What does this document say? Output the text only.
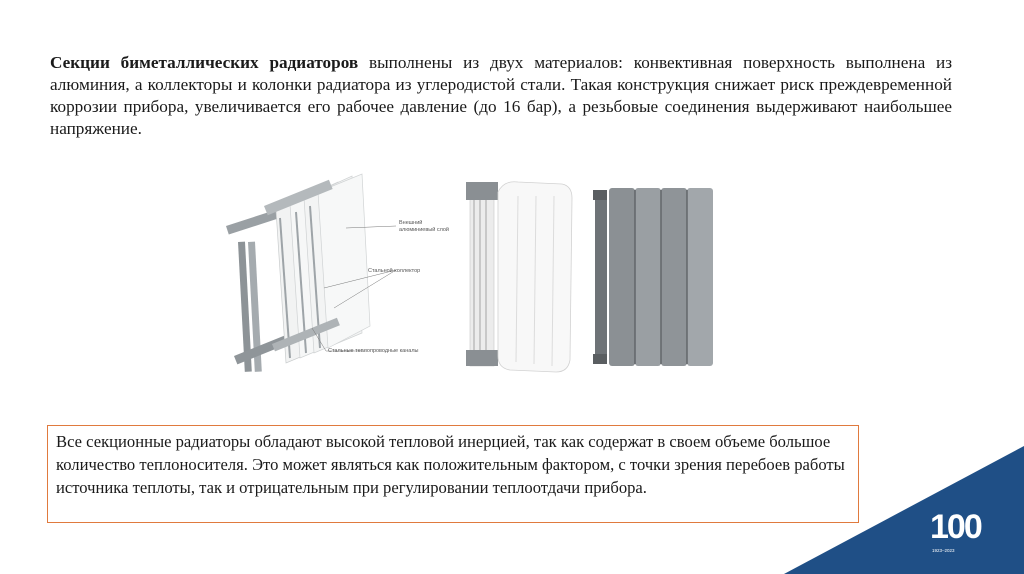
Секции биметаллических радиаторов выполнены из двух материалов: конвективная поверхность выполнена из алюминия, а коллекторы и колонки радиатора из углеродистой стали. Такая конструкция снижает риск преждевременной коррозии прибора, увеличивается его рабочее давление (до 16 бар), а резьбовые соединения выдерживают наибольшее напряжение.
Внешний
алюминиевый слой
Стальной коллектор
Стальные теплопроводные каналы
Все секционные радиаторы обладают высокой тепловой инерцией, так как содержат в своем объеме большое количество теплоносителя. Это может являться как положительным фактором, с точки зрения перебоев работы источника теплоты, так и отрицательным при регулировании теплоотдачи прибора.
100
1923–2023
